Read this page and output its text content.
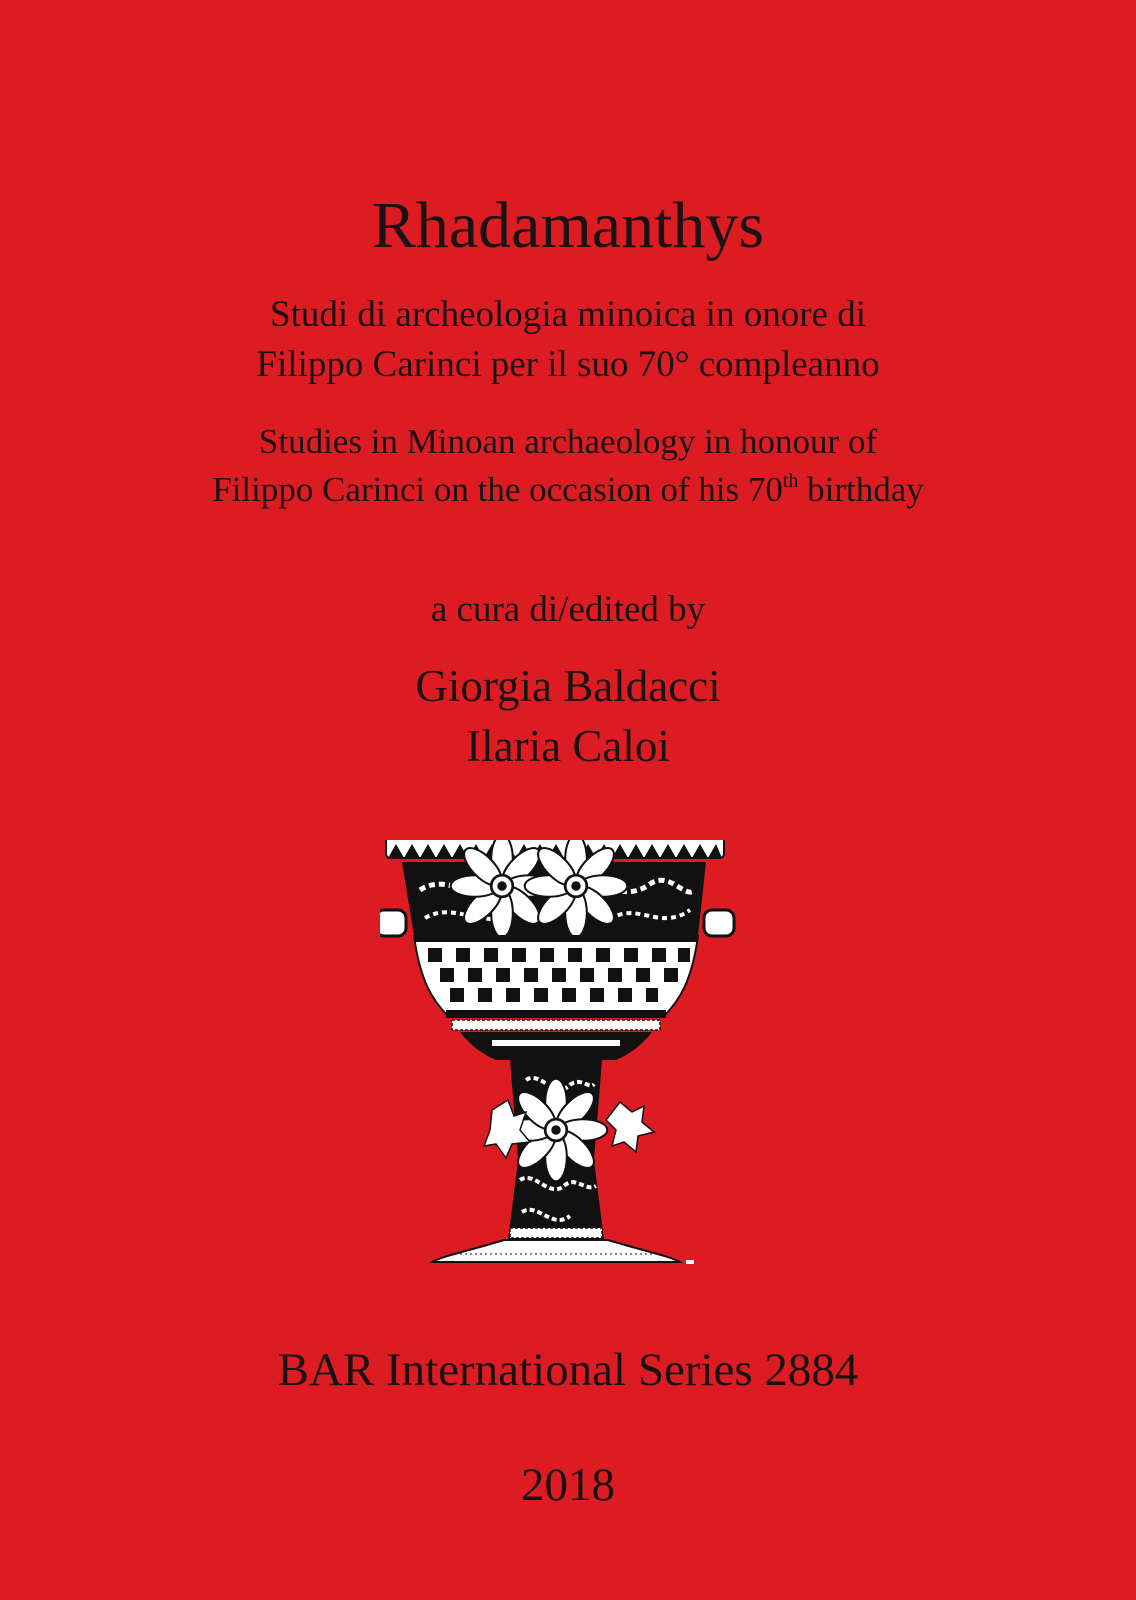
Rhadamanthys
Studi di archeologia minoica in onore di
Filippo Carinci per il suo 70° compleanno
Studies in Minoan archaeology in honour of
Filippo Carinci on the occasion of his 70th birthday
a cura di/edited by
Giorgia Baldacci
Ilaria Caloi
BAR International Series 2884
2018
